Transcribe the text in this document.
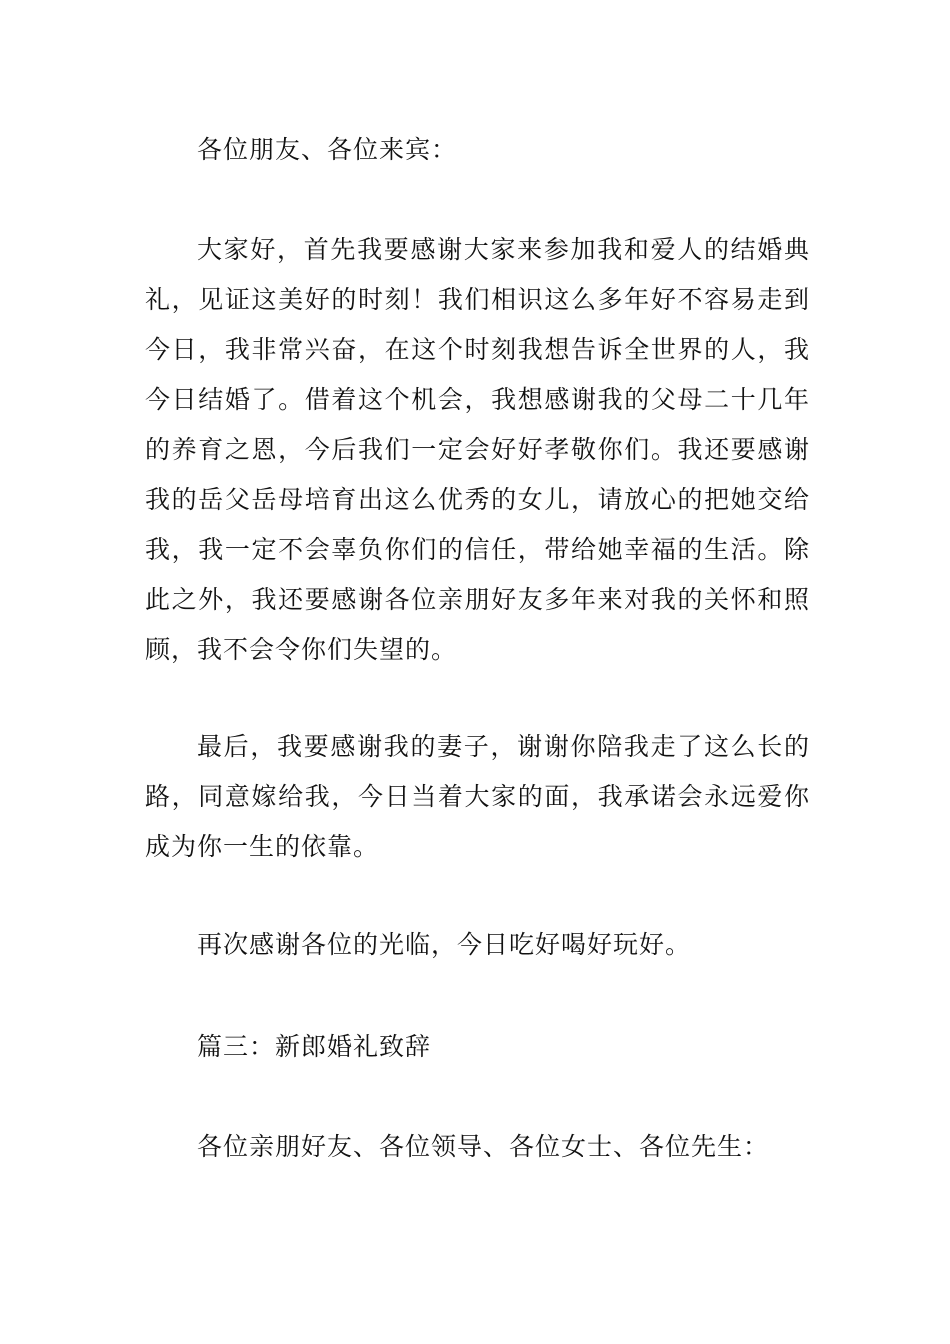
各位朋友、各位来宾：

大家好，首先我要感谢大家来参加我和爱人的结婚典礼，见证这美好的时刻！我们相识这么多年好不容易走到今日，我非常兴奋，在这个时刻我想告诉全世界的人，我今日结婚了。借着这个机会，我想感谢我的父母二十几年的养育之恩，今后我们一定会好好孝敬你们。我还要感谢我的岳父岳母培育出这么优秀的女儿，请放心的把她交给我，我一定不会辜负你们的信任，带给她幸福的生活。除此之外，我还要感谢各位亲朋好友多年来对我的关怀和照顾，我不会令你们失望的。

最后，我要感谢我的妻子，谢谢你陪我走了这么长的路，同意嫁给我，今日当着大家的面，我承诺会永远爱你成为你一生的依靠。

再次感谢各位的光临，今日吃好喝好玩好。

篇三：新郎婚礼致辞

各位亲朋好友、各位领导、各位女士、各位先生：
